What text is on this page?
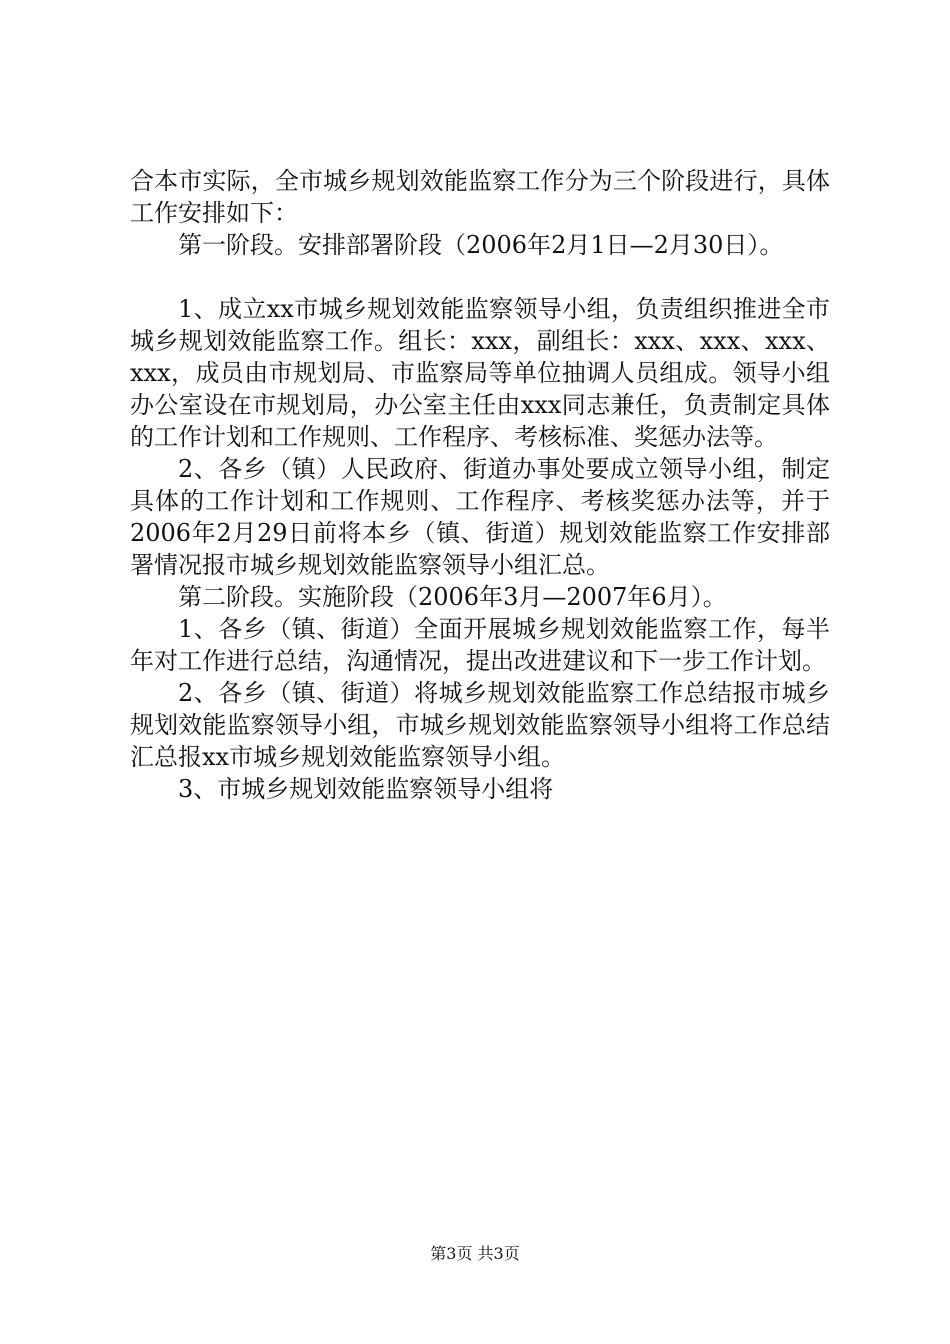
合本市实际，全市城乡规划效能监察工作分为三个阶段进行，具体工作安排如下：

第一阶段。安排部署阶段（2006年2月1日—2月30日）。

1、成立xx市城乡规划效能监察领导小组，负责组织推进全市城乡规划效能监察工作。组长：xxx，副组长：xxx、xxx、xxx、xxx，成员由市规划局、市监察局等单位抽调人员组成。领导小组办公室设在市规划局，办公室主任由xxx同志兼任，负责制定具体的工作计划和工作规则、工作程序、考核标准、奖惩办法等。

2、各乡（镇）人民政府、街道办事处要成立领导小组，制定具体的工作计划和工作规则、工作程序、考核奖惩办法等，并于2006年2月29日前将本乡（镇、街道）规划效能监察工作安排部署情况报市城乡规划效能监察领导小组汇总。

第二阶段。实施阶段（2006年3月—2007年6月）。

1、各乡（镇、街道）全面开展城乡规划效能监察工作，每半年对工作进行总结，沟通情况，提出改进建议和下一步工作计划。

2、各乡（镇、街道）将城乡规划效能监察工作总结报市城乡规划效能监察领导小组，市城乡规划效能监察领导小组将工作总结汇总报xx市城乡规划效能监察领导小组。

3、市城乡规划效能监察领导小组将

第3页 共3页
